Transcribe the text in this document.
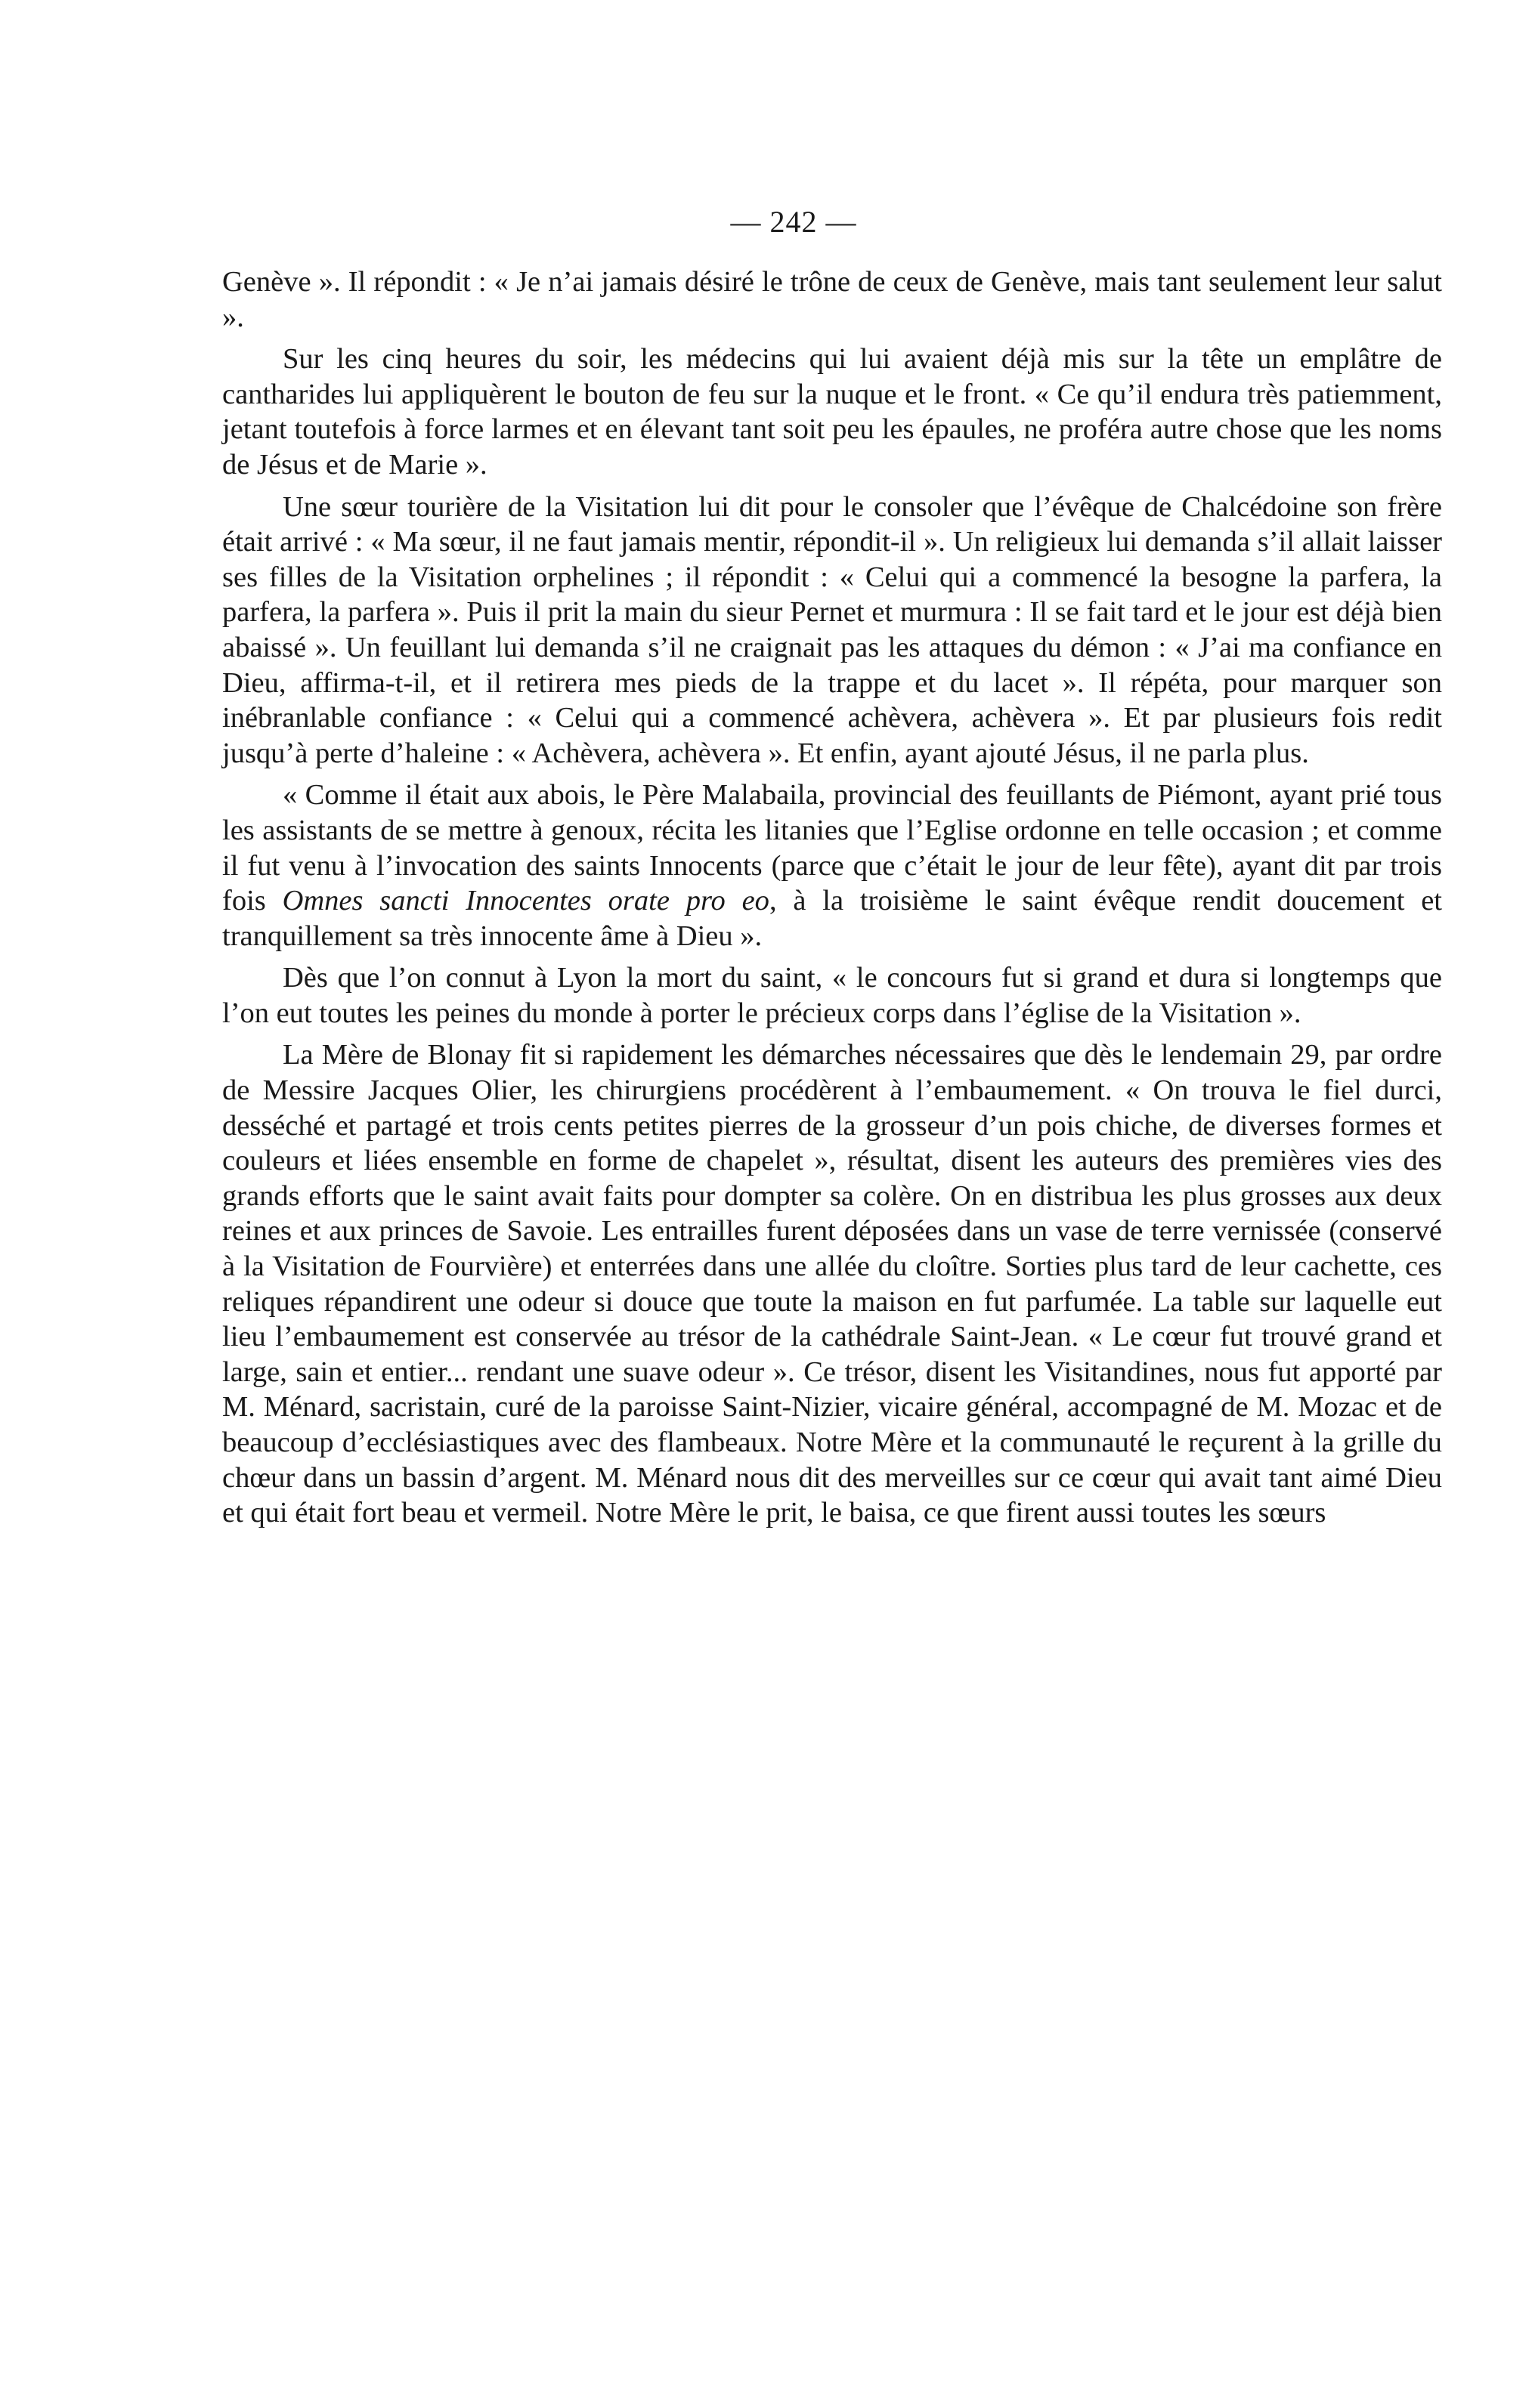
— 242 —

Genève ». Il répondit : « Je n’ai jamais désiré le trône de ceux de Genève, mais tant seulement leur salut ».

Sur les cinq heures du soir, les médecins qui lui avaient déjà mis sur la tête un emplâtre de cantharides lui appliquèrent le bouton de feu sur la nuque et le front. « Ce qu’il endura très patiemment, jetant toutefois à force larmes et en élevant tant soit peu les épaules, ne proféra autre chose que les noms de Jésus et de Marie ».

Une sœur tourière de la Visitation lui dit pour le consoler que l’évêque de Chalcédoine son frère était arrivé : « Ma sœur, il ne faut jamais mentir, répondit-il ». Un religieux lui demanda s’il allait laisser ses filles de la Visitation orphelines ; il répondit : « Celui qui a commencé la besogne la parfera, la parfera, la parfera ». Puis il prit la main du sieur Pernet et murmura : Il se fait tard et le jour est déjà bien abaissé ». Un feuillant lui demanda s’il ne craignait pas les attaques du démon : « J’ai ma confiance en Dieu, affirma-t-il, et il retirera mes pieds de la trappe et du lacet ». Il répéta, pour marquer son inébranlable confiance : « Celui qui a commencé achèvera, achèvera ». Et par plusieurs fois redit jusqu’à perte d’haleine : « Achèvera, achèvera ». Et enfin, ayant ajouté Jésus, il ne parla plus.

« Comme il était aux abois, le Père Malabaila, provincial des feuillants de Piémont, ayant prié tous les assistants de se mettre à genoux, récita les litanies que l’Eglise ordonne en telle occasion ; et comme il fut venu à l’invocation des saints Innocents (parce que c’était le jour de leur fête), ayant dit par trois fois Omnes sancti Innocentes orate pro eo, à la troisième le saint évêque rendit doucement et tranquillement sa très innocente âme à Dieu ».

Dès que l’on connut à Lyon la mort du saint, « le concours fut si grand et dura si longtemps que l’on eut toutes les peines du monde à porter le précieux corps dans l’église de la Visitation ».

La Mère de Blonay fit si rapidement les démarches nécessaires que dès le lendemain 29, par ordre de Messire Jacques Olier, les chirurgiens procédèrent à l’embaumement. « On trouva le fiel durci, desséché et partagé et trois cents petites pierres de la grosseur d’un pois chiche, de diverses formes et couleurs et liées ensemble en forme de chapelet », résultat, disent les auteurs des premières vies des grands efforts que le saint avait faits pour dompter sa colère. On en distribua les plus grosses aux deux reines et aux princes de Savoie. Les entrailles furent déposées dans un vase de terre vernissée (conservé à la Visitation de Fourvière) et enterrées dans une allée du cloître. Sorties plus tard de leur cachette, ces reliques répandirent une odeur si douce que toute la maison en fut parfumée. La table sur laquelle eut lieu l’embaumement est conservée au trésor de la cathédrale Saint-Jean. « Le cœur fut trouvé grand et large, sain et entier... rendant une suave odeur ». Ce trésor, disent les Visitandines, nous fut apporté par M. Ménard, sacristain, curé de la paroisse Saint-Nizier, vicaire général, accompagné de M. Mozac et de beaucoup d’ecclésiastiques avec des flambeaux. Notre Mère et la communauté le reçurent à la grille du chœur dans un bassin d’argent. M. Ménard nous dit des merveilles sur ce cœur qui avait tant aimé Dieu et qui était fort beau et vermeil. Notre Mère le prit, le baisa, ce que firent aussi toutes les sœurs
